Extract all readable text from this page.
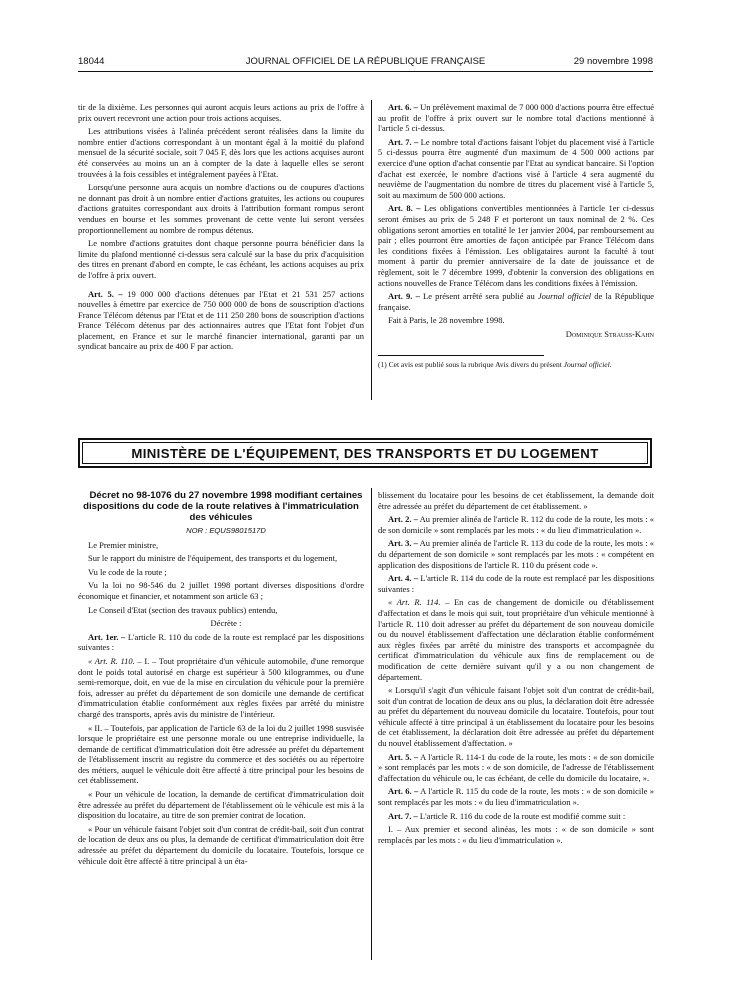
18044	JOURNAL OFFICIEL DE LA RÉPUBLIQUE FRANÇAISE	29 novembre 1998

tir de la dixième. Les personnes qui auront acquis leurs actions au prix de l'offre à prix ouvert recevront une action pour trois actions acquises.

Les attributions visées à l'alinéa précédent seront réalisées dans la limite du nombre entier d'actions correspondant à un montant égal à la moitié du plafond mensuel de la sécurité sociale, soit 7 045 F, dès lors que les actions acquises auront été conservées au moins un an à compter de la date à laquelle elles se seront trouvées à la fois cessibles et intégralement payées à l'Etat.

Lorsqu'une personne aura acquis un nombre d'actions ou de coupures d'actions ne donnant pas droit à un nombre entier d'actions gratuites, les actions ou coupures d'actions gratuites correspondant aux droits à l'attribution formant rompus seront vendues en bourse et les sommes provenant de cette vente lui seront versées proportionnellement au nombre de rompus détenus.

Le nombre d'actions gratuites dont chaque personne pourra bénéficier dans la limite du plafond mentionné ci-dessus sera calculé sur la base du prix d'acquisition des titres en prenant d'abord en compte, le cas échéant, les actions acquises au prix de l'offre à prix ouvert.

Art. 5. – 19 000 000 d'actions détenues par l'Etat et 21 531 257 actions nouvelles à émettre par exercice de 750 000 000 de bons de souscription d'actions France Télécom détenus par l'Etat et de 111 250 280 bons de souscription d'actions France Télécom détenus par des actionnaires autres que l'Etat font l'objet d'un placement, en France et sur le marché financier international, garanti par un syndicat bancaire au prix de 400 F par action.

Art. 6. – Un prélèvement maximal de 7 000 000 d'actions pourra être effectué au profit de l'offre à prix ouvert sur le nombre total d'actions mentionné à l'article 5 ci-dessus.

Art. 7. – Le nombre total d'actions faisant l'objet du placement visé à l'article 5 ci-dessus pourra être augmenté d'un maximum de 4 500 000 actions par exercice d'une option d'achat consentie par l'Etat au syndicat bancaire. Si l'option d'achat est exercée, le nombre d'actions visé à l'article 4 sera augmenté du neuvième de l'augmentation du nombre de titres du placement visé à l'article 5, soit au maximum de 500 000 actions.

Art. 8. – Les obligations convertibles mentionnées à l'article 1er ci-dessus seront émises au prix de 5 248 F et porteront un taux nominal de 2 %. Ces obligations seront amorties en totalité le 1er janvier 2004, par remboursement au pair ; elles pourront être amorties de façon anticipée par France Télécom dans les conditions fixées à l'émission. Les obligataires auront la faculté à tout moment à partir du premier anniversaire de la date de jouissance et de règlement, soit le 7 décembre 1999, d'obtenir la conversion des obligations en actions nouvelles de France Télécom dans les conditions fixées à l'émission.

Art. 9. – Le présent arrêté sera publié au Journal officiel de la République française.

Fait à Paris, le 28 novembre 1998.

Dominique Strauss-Kahn
(1) Cet avis est publié sous la rubrique Avis divers du présent Journal officiel.
MINISTÈRE DE L'ÉQUIPEMENT, DES TRANSPORTS ET DU LOGEMENT

Décret no 98-1076 du 27 novembre 1998 modifiant certaines dispositions du code de la route relatives à l'immatriculation des véhicules

NOR : EQUS9801517D

Le Premier ministre,

Sur le rapport du ministre de l'équipement, des transports et du logement,

Vu le code de la route ;

Vu la loi no 98-546 du 2 juillet 1998 portant diverses dispositions d'ordre économique et financier, et notamment son article 63 ;

Le Conseil d'Etat (section des travaux publics) entendu,

Décrète :

Art. 1er. – L'article R. 110 du code de la route est remplacé par les dispositions suivantes :

« Art. R. 110. – I. – Tout propriétaire d'un véhicule automobile, d'une remorque dont le poids total autorisé en charge est supérieur à 500 kilogrammes, ou d'une semi-remorque, doit, en vue de la mise en circulation du véhicule pour la première fois, adresser au préfet du département de son domicile une demande de certificat d'immatriculation établie conformément aux règles fixées par arrêté du ministre chargé des transports, après avis du ministre de l'intérieur.

« II. – Toutefois, par application de l'article 63 de la loi du 2 juillet 1998 susvisée lorsque le propriétaire est une personne morale ou une entreprise individuelle, la demande de certificat d'immatriculation doit être adressée au préfet du département de l'établissement inscrit au registre du commerce et des sociétés ou au répertoire des métiers, auquel le véhicule doit être affecté à titre principal pour les besoins de cet établissement.

« Pour un véhicule de location, la demande de certificat d'immatriculation doit être adressée au préfet du département de l'établissement où le véhicule est mis à la disposition du locataire, au titre de son premier contrat de location.

« Pour un véhicule faisant l'objet soit d'un contrat de crédit-bail, soit d'un contrat de location de deux ans ou plus, la demande de certificat d'immatriculation doit être adressée au préfet du département du domicile du locataire. Toutefois, lorsque ce véhicule doit être affecté à titre principal à un éta-

blissement du locataire pour les besoins de cet établissement, la demande doit être adressée au préfet du département de cet établissement. »

Art. 2. – Au premier alinéa de l'article R. 112 du code de la route, les mots : « de son domicile » sont remplacés par les mots : « du lieu d'immatriculation ».

Art. 3. – Au premier alinéa de l'article R. 113 du code de la route, les mots : « du département de son domicile » sont remplacés par les mots : « compétent en application des dispositions de l'article R. 110 du présent code ».

Art. 4. – L'article R. 114 du code de la route est remplacé par les dispositions suivantes :

« Art. R. 114. – En cas de changement de domicile ou d'établissement d'affectation et dans le mois qui suit, tout propriétaire d'un véhicule mentionné à l'article R. 110 doit adresser au préfet du département de son nouveau domicile ou du nouvel établissement d'affectation une déclaration établie conformément aux règles fixées par arrêté du ministre des transports et accompagnée du certificat d'immatriculation du véhicule aux fins de remplacement ou de modification de cette dernière suivant qu'il y a ou non changement de département.

« Lorsqu'il s'agit d'un véhicule faisant l'objet soit d'un contrat de crédit-bail, soit d'un contrat de location de deux ans ou plus, la déclaration doit être adressée au préfet du département du nouveau domicile du locataire. Toutefois, pour tout véhicule affecté à titre principal à un établissement du locataire pour les besoins de cet établissement, la déclaration doit être adressée au préfet du département du nouvel établissement d'affectation. »

Art. 5. – A l'article R. 114-1 du code de la route, les mots : « de son domicile » sont remplacés par les mots : « de son domicile, de l'adresse de l'établissement d'affectation du véhicule ou, le cas échéant, de celle du domicile du locataire, ».

Art. 6. – A l'article R. 115 du code de la route, les mots : « de son domicile » sont remplacés par les mots : « du lieu d'immatriculation ».

Art. 7. – L'article R. 116 du code de la route est modifié comme suit :

I. – Aux premier et second alinéas, les mots : « de son domicile » sont remplacés par les mots : « du lieu d'immatriculation ».
